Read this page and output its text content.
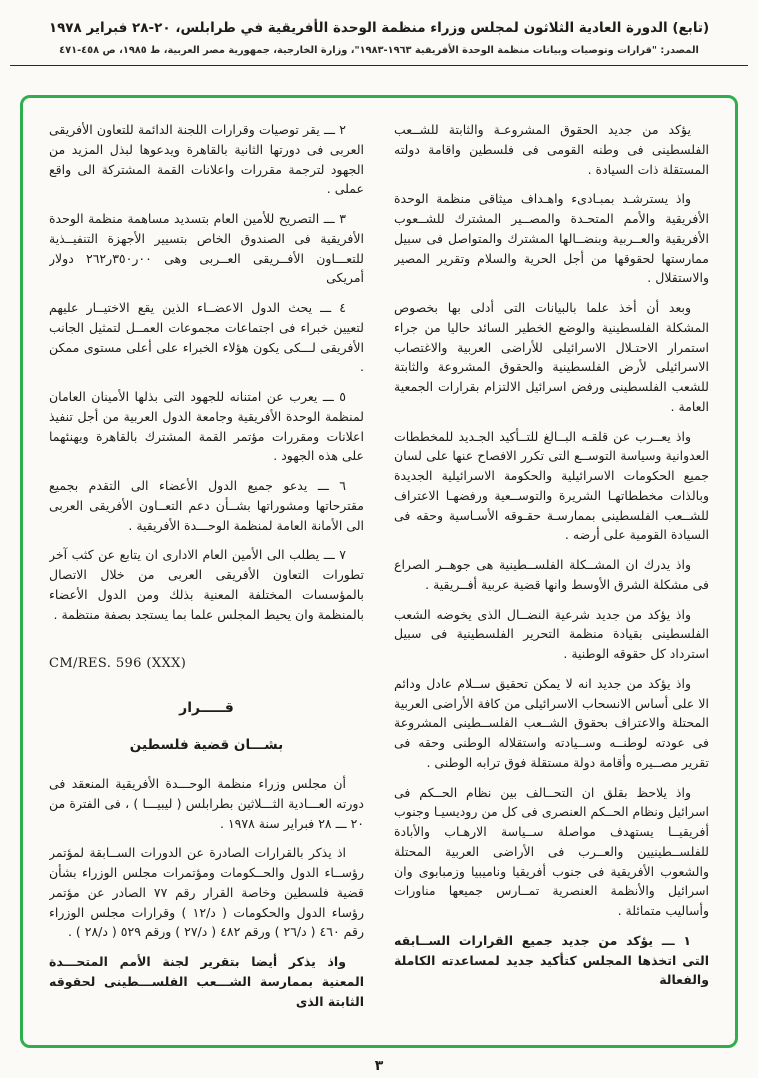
(تابع) الدورة العادية الثلاثون لمجلس وزراء منظمة الوحدة الأفريقية في طرابلس، ٢٠-٢٨ فبراير ١٩٧٨
المصدر: "قرارات وتوصيات وبيانات منظمة الوحدة الأفريقية ١٩٦٣-١٩٨٣"، وزارة الخارجية، جمهورية مصر العربية، ط ١٩٨٥، ص ٤٥٨-٤٧١

يؤكد من جديد الحقوق المشروعـة والثابتة للشــعب الفلسطينى فى وطنه القومى فى فلسطين واقامة دولته المستقلة ذات السيادة .

واذ يسترشـد بمبـادىء واهـداف ميثاقى منظمة الوحدة الأفريقية والأمم المتحـدة والمصــير المشترك للشــعوب الأفريقية والعــربية وبنضــالها المشترك والمتواصل فى سبيل ممارستها لحقوقها من أجل الحرية والسلام وتقرير المصير والاستقلال .

وبعد أن أخذ علما بالبيانات التى أدلى بها بخصوص المشكلة الفلسطينية والوضع الخطير السائد حاليا من جراء استمرار الاحتـلال الاسرائيلى للأراضى العربية والاغتصاب الاسرائيلى لأرض الفلسطينية والحقوق المشروعة والثابتة للشعب الفلسطينى ورفض اسرائيل الالتزام بقرارات الجمعية العامة .

واذ يعــرب عن قلقـه البــالغ للتــأكيد الجـديد للمخططات العدوانية وسياسة التوســع التى تكرر الافصاح عنها على لسان جميع الحكومات الاسرائيلية والحكومة الاسرائيلية الجديدة وبالذات مخططاتهـا الشريرة والتوســعية ورفضهـا الاعتراف للشــعب الفلسطينى بممارسـة حقـوقه الأسـاسية وحقه فى السيادة القومية على أرضه .

واذ يدرك ان المشــكلة الفلســطينية هى جوهــر الصراع فى مشكلة الشرق الأوسط وانها قضية عربية أفــريقية .

واذ يؤكد من جديد شرعية النضــال الذى يخوضه الشعب الفلسطينى بقيادة منظمة التحرير الفلسطينية فى سبيل استرداد كل حقوقه الوطنية .

واذ يؤكد من جديد انه لا يمكن تحقيق ســلام عادل ودائم الا على أساس الانسحاب الاسرائيلى من كافة الأراضى العربية المحتلة والاعتراف بحقوق الشــعب الفلســطينى المشروعة فى عودته لوطنــه وســيادته واستقلاله الوطنى وحقه فى تقرير مصــيره وأقامة دولة مستقلة فوق ترابه الوطنى .

واذ يلاحظ بقلق ان التحــالف بين نظام الحــكم فى اسرائيل ونظام الحــكم العنصرى فى كل من روديسيـا وجنوب أفريقيــا يستهدف مواصلة ســياسة الارهـاب والأبادة للفلســطينيين والعــرب فى الأراضى العربية المحتلة والشعوب الأفريقية فى جنوب أفريقيا وناميبيا وزمبابوى وان اسرائيل والأنظمة العنصرية تمــارس جميعها مناورات وأساليب متمائلة .

١ ـــ يؤكد من جديد جميع القرارات الســابقه التى اتخذها المجلس كتأكيد جديد لمساعدته الكاملة والفعالة

٢ ـــ يقر توصيات وقرارات اللجنة الدائمة للتعاون الأفريقى العربى فى دورتها الثانية بالقاهرة ويدعوها لبذل المزيد من الجهود لترجمة مقررات واعلانات القمة المشتركة الى واقع عملى .

٣ ـــ التصريح للأمين العام بتسديد مساهمة منظمة الوحدة الأفريقية فى الصندوق الخاص بتسيير الأجهزة التنفيــذية للتعـــاون الأفــريقى العــربى وهى ٠٠ر٣٥٠ر٢٦٢ دولار أمريكى

٤ ـــ يحث الدول الاعضــاء الذين يقع الاختيــار عليهم لتعيين خبراء فى اجتماعات مجموعات العمــل لتمثيل الجانب الأفريقى لـــكى يكون هؤلاء الخبراء على أعلى مستوى ممكن .

٥ ـــ يعرب عن امتنانه للجهود التى بذلها الأمينان العامان لمنظمة الوحدة الأفريقية وجامعة الدول العربية من أجل تنفيذ اعلانات ومقررات مؤتمر القمة المشترك بالقاهرة ويهنئهما على هذه الجهود .

٦ ـــ يدعو جميع الدول الأعضاء الى التقدم بجميع مقترحاتها ومشوراتها بشــأن دعم التعــاون الأفريقى العربى الى الأمانة العامة لمنظمة الوحـــدة الأفريقية .

٧ ـــ يطلب الى الأمين العام الادارى ان يتابع عن كثب آخر تطورات التعاون الأفريقى العربى من خلال الاتصال بالمؤسسات المختلفة المعنية بذلك ومن الدول الأعضاء بالمنظمة وان يحيط المجلس علما بما يستجد بصفة منتظمة .

CM/RES. 596 (XXX)
قـــــرار
بشـــان قضية فلسطين

أن مجلس وزراء منظمة الوحـــدة الأفريقية المنعقد فى دورته العـــادية الثـــلاثين بطرابلس ( ليبيـــا ) ، فى الفترة من ٢٠ ـــ ٢٨ فبراير سنة ١٩٧٨ .

اذ يذكر بالقرارات الصادرة عن الدورات الســابقة لمؤتمر رؤســاء الدول والحــكومات ومؤتمرات مجلس الوزراء بشأن قضية فلسطين وخاصة القرار رقم ٧٧ الصادر عن مؤتمر رؤساء الدول والحكومات ( د/١٢ ) وقرارات مجلس الوزراء رقم ٤٦٠ ( د/٢٦ ) ورقم ٤٨٢ ( د/٢٧ ) ورقم ٥٢٩ ( د/٢٨ ) .

واذ يذكر أيضا بتقرير لجنة الأمم المتحـــدة المعنية بممارسة الشـــعب الفلســـطينى لحقوقه الثابتة الذى

٣
